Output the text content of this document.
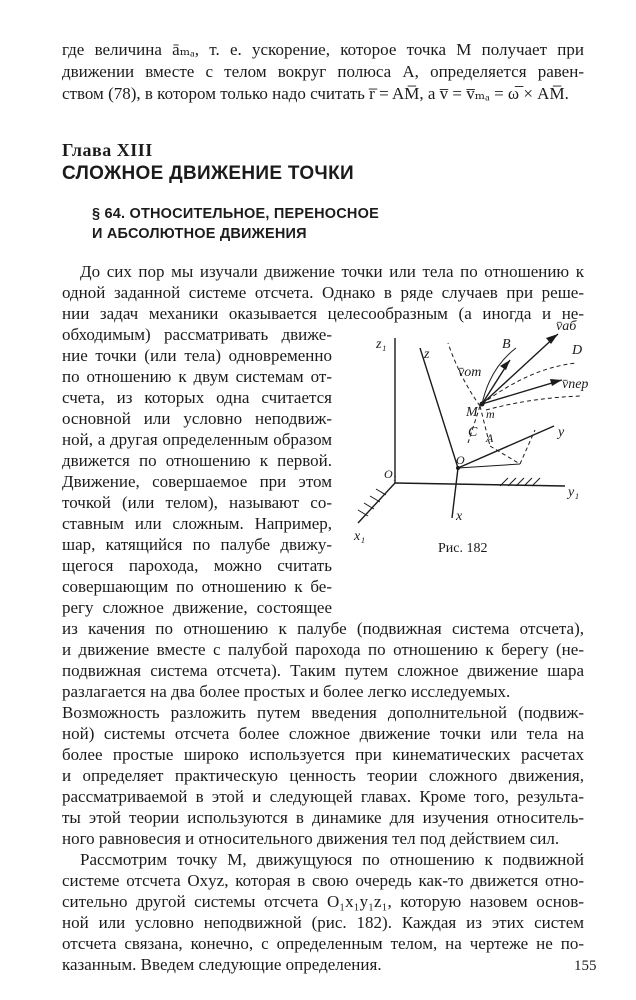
где величина āₘₐ, т. е. ускорение, которое точка M получает при
движении вместе с телом вокруг полюса A, определяется равен-
ством (78), в котором только надо считать r̅ = AM̅, а v̅ = v̅ₘₐ = ω̅ × AM̅.
Глава XIII
СЛОЖНОЕ ДВИЖЕНИЕ ТОЧКИ
§ 64. ОТНОСИТЕЛЬНОЕ, ПЕРЕНОСНОЕ
И АБСОЛЮТНОЕ ДВИЖЕНИЯ
До сих пор мы изучали движение точки или тела по отношению к
одной заданной системе отсчета. Однако в ряде случаев при реше-
нии задач механики оказывается целесообразным (а иногда и не-
обходимым) рассматривать движе-
ние точки (или тела) одновременно
по отношению к двум системам от-
счета, из которых одна считается
основной или условно неподвиж-
ной, а другая определенным образом
движется по отношению к первой.
Движение, совершаемое при этом
точкой (или телом), называют со-
ставным или сложным. Например,
шар, катящийся по палубе движу-
щегося парохода, можно считать
совершающим по отношению к бе-
регу сложное движение, состоящее
z₁
z
B
v̄аб
D
v̄от
v̄пер
M m
C A	y
O
O₁
y₁
x
x₁
Рис. 182
из качения по отношению к палубе (подвижная система отсчета),
и движение вместе с палубой парохода по отношению к берегу (не-
подвижная система отсчета). Таким путем сложное движение шара
разлагается на два более простых и более легко исследуемых.
Возможность разложить путем введения дополнительной (подвиж-
ной) системы отсчета более сложное движение точки или тела на
более простые широко используется при кинематических расчетах
и определяет практическую ценность теории сложного движения,
рассматриваемой в этой и следующей главах. Кроме того, результа-
ты этой теории используются в динамике для изучения относитель-
ного равновесия и относительного движения тел под действием сил.
Рассмотрим точку M, движущуюся по отношению к подвижной
системе отсчета Oxyz, которая в свою очередь как-то движется отно-
сительно другой системы отсчета O₁x₁y₁z₁, которую назовем основ-
ной или условно неподвижной (рис. 182). Каждая из этих систем
отсчета связана, конечно, с определенным телом, на чертеже не по-
казанным. Введем следующие определения.	155
